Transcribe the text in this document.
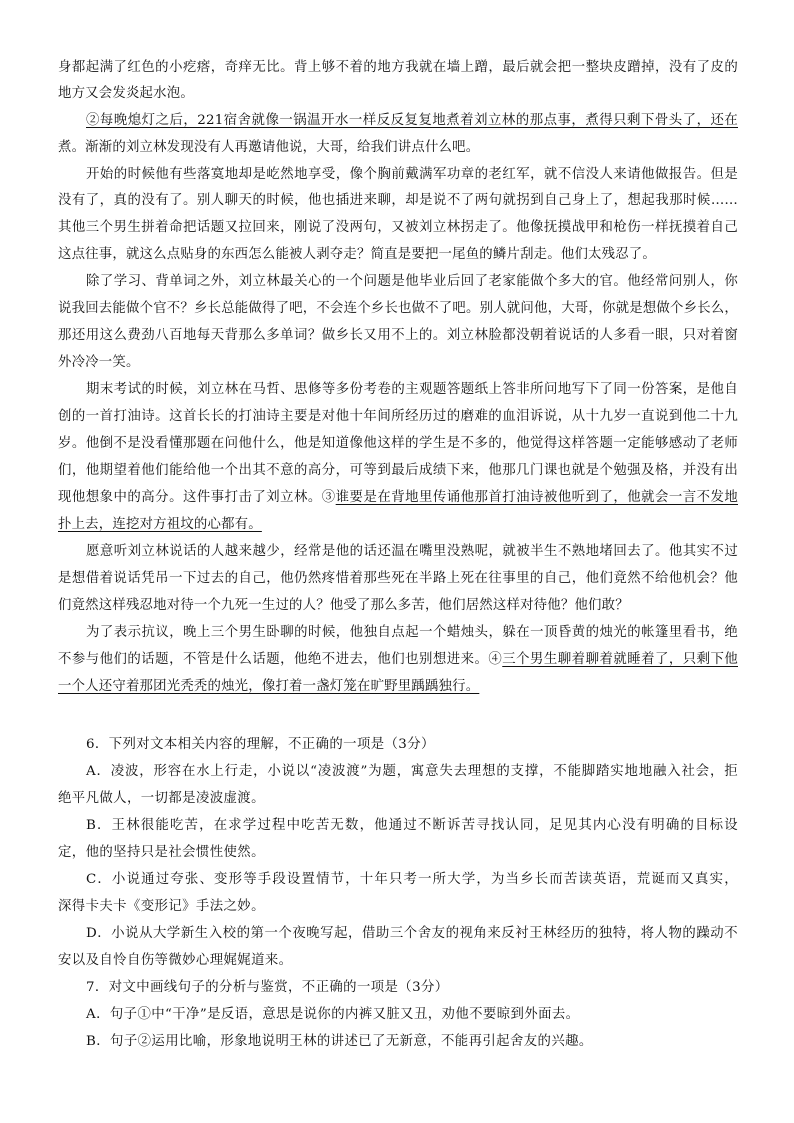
身都起满了红色的小疙瘩，奇痒无比。背上够不着的地方我就在墙上蹭，最后就会把一整块皮蹭掉，没有了皮的
地方又会发炎起水泡。
②每晚熄灯之后，221宿舍就像一锅温开水一样反反复复地煮着刘立林的那点事，煮得只剩下骨头了，还在
煮。渐渐的刘立林发现没有人再邀请他说，大哥，给我们讲点什么吧。
开始的时候他有些落寞地却是屹然地享受，像个胸前戴满军功章的老红军，就不信没人来请他做报告。但是
没有了，真的没有了。别人聊天的时候，他也插进来聊，却是说不了两句就拐到自己身上了，想起我那时候……
其他三个男生拼着命把话题又拉回来，刚说了没两句，又被刘立林拐走了。他像抚摸战甲和枪伤一样抚摸着自己
这点往事，就这么点贴身的东西怎么能被人剥夺走？简直是要把一尾鱼的鳞片刮走。他们太残忍了。
除了学习、背单词之外，刘立林最关心的一个问题是他毕业后回了老家能做个多大的官。他经常问别人，你
说我回去能做个官不？乡长总能做得了吧，不会连个乡长也做不了吧。别人就问他，大哥，你就是想做个乡长么，
那还用这么费劲八百地每天背那么多单词？做乡长又用不上的。刘立林脸都没朝着说话的人多看一眼，只对着窗
外冷冷一笑。
期末考试的时候，刘立林在马哲、思修等多份考卷的主观题答题纸上答非所问地写下了同一份答案，是他自
创的一首打油诗。这首长长的打油诗主要是对他十年间所经历过的磨难的血泪诉说，从十九岁一直说到他二十九
岁。他倒不是没看懂那题在问他什么，他是知道像他这样的学生是不多的，他觉得这样答题一定能够感动了老师
们，他期望着他们能给他一个出其不意的高分，可等到最后成绩下来，他那几门课也就是个勉强及格，并没有出
现他想象中的高分。这件事打击了刘立林。③谁要是在背地里传诵他那首打油诗被他听到了，他就会一言不发地
扑上去，连挖对方祖坟的心都有。
愿意听刘立林说话的人越来越少，经常是他的话还温在嘴里没熟呢，就被半生不熟地堵回去了。他其实不过
是想借着说话凭吊一下过去的自己，他仍然疼惜着那些死在半路上死在往事里的自己，他们竟然不给他机会？他
们竟然这样残忍地对待一个九死一生过的人？他受了那么多苦，他们居然这样对待他？他们敢？
为了表示抗议，晚上三个男生卧聊的时候，他独自点起一个蜡烛头，躲在一顶昏黄的烛光的帐篷里看书，绝
不参与他们的话题，不管是什么话题，他绝不进去，他们也别想进来。④三个男生聊着聊着就睡着了，只剩下他
一个人还守着那团光秃秃的烛光，像打着一盏灯笼在旷野里踽踽独行。
6．下列对文本相关内容的理解，不正确的一项是（3分）
A．凌波，形容在水上行走，小说以“凌波渡”为题，寓意失去理想的支撑，不能脚踏实地地融入社会，拒
绝平凡做人，一切都是凌波虚渡。
B．王林很能吃苦，在求学过程中吃苦无数，他通过不断诉苦寻找认同，足见其内心没有明确的目标设
定，他的坚持只是社会惯性使然。
C．小说通过夸张、变形等手段设置情节，十年只考一所大学，为当乡长而苦读英语，荒诞而又真实，
深得卡夫卡《变形记》手法之妙。
D．小说从大学新生入校的第一个夜晚写起，借助三个舍友的视角来反衬王林经历的独特，将人物的躁动不
安以及自怜自伤等微妙心理娓娓道来。
7．对文中画线句子的分析与鉴赏，不正确的一项是（3分）
A．句子①中“干净”是反语，意思是说你的内裤又脏又丑，劝他不要晾到外面去。
B．句子②运用比喻，形象地说明王林的讲述已了无新意，不能再引起舍友的兴趣。
